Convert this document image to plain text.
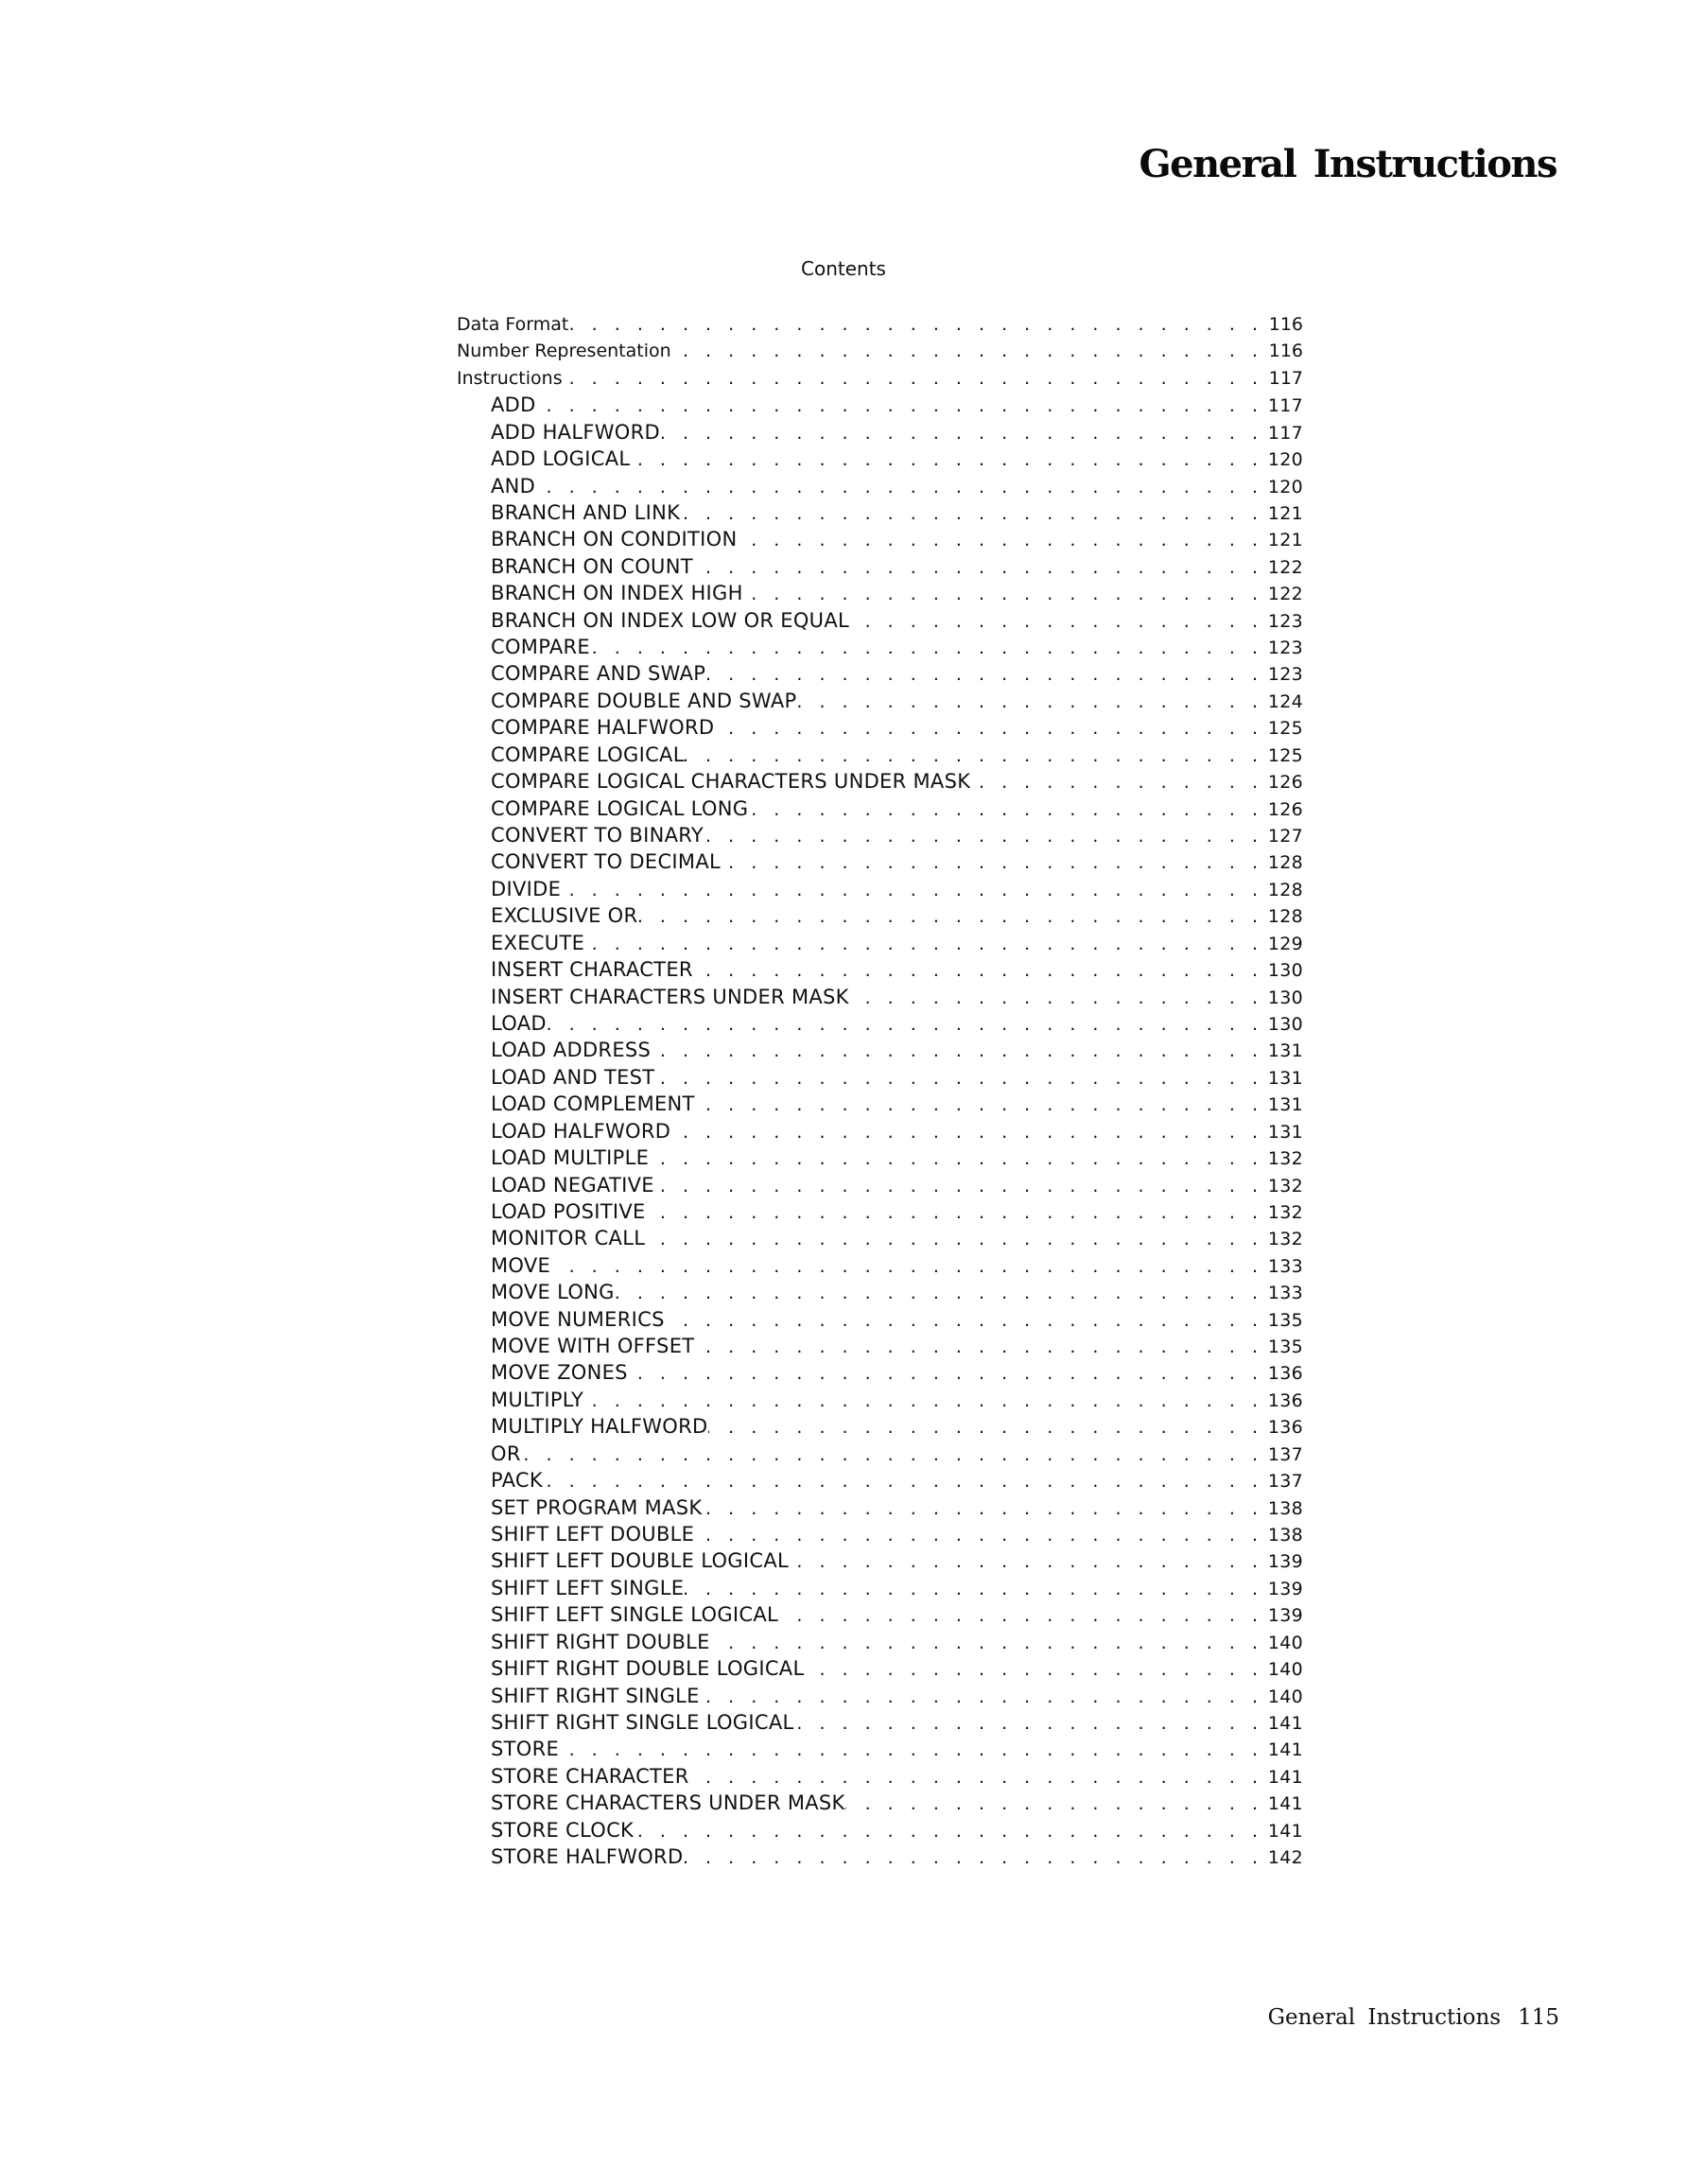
General Instructions
Contents
Data Format . . .	116
Number Representation . . .	116
Instructions . . .	117
ADD . . .	117
ADD HALFWORD . . .	117
ADD LOGICAL . . .	120
AND . . .	120
BRANCH AND LINK . . .	121
BRANCH ON CONDITION . . .	121
BRANCH ON COUNT . . .	122
BRANCH ON INDEX HIGH . . .	122
BRANCH ON INDEX LOW OR EQUAL . . .	123
COMPARE . . .	123
COMPARE AND SWAP . . .	123
COMPARE DOUBLE AND SWAP . . .	124
COMPARE HALFWORD . . .	125
COMPARE LOGICAL . . .	125
COMPARE LOGICAL CHARACTERS UNDER MASK . . .	126
COMPARE LOGICAL LONG . . .	126
CONVERT TO BINARY . . .	127
CONVERT TO DECIMAL . . .	128
DIVIDE . . .	128
EXCLUSIVE OR . . .	128
EXECUTE . . .	129
INSERT CHARACTER . . .	130
INSERT CHARACTERS UNDER MASK . . .	130
LOAD . . .	130
LOAD ADDRESS . . .	131
LOAD AND TEST . . .	131
LOAD COMPLEMENT . . .	131
LOAD HALFWORD . . .	131
LOAD MULTIPLE . . .	132
LOAD NEGATIVE . . .	132
LOAD POSITIVE . . .	132
MONITOR CALL . . .	132
MOVE . . .	133
MOVE LONG . . .	133
MOVE NUMERICS . . .	135
MOVE WITH OFFSET . . .	135
MOVE ZONES . . .	136
MULTIPLY . . .	136
MULTIPLY HALFWORD . . .	136
OR . . .	137
PACK . . .	137
SET PROGRAM MASK . . .	138
SHIFT LEFT DOUBLE . . .	138
SHIFT LEFT DOUBLE LOGICAL . . .	139
SHIFT LEFT SINGLE . . .	139
SHIFT LEFT SINGLE LOGICAL . . .	139
SHIFT RIGHT DOUBLE . . .	140
SHIFT RIGHT DOUBLE LOGICAL . . .	140
SHIFT RIGHT SINGLE . . .	140
SHIFT RIGHT SINGLE LOGICAL . . .	141
STORE . . .	141
STORE CHARACTER . . .	141
STORE CHARACTERS UNDER MASK . . .	141
STORE CLOCK . . .	141
STORE HALFWORD . . .	142
General Instructions 115
